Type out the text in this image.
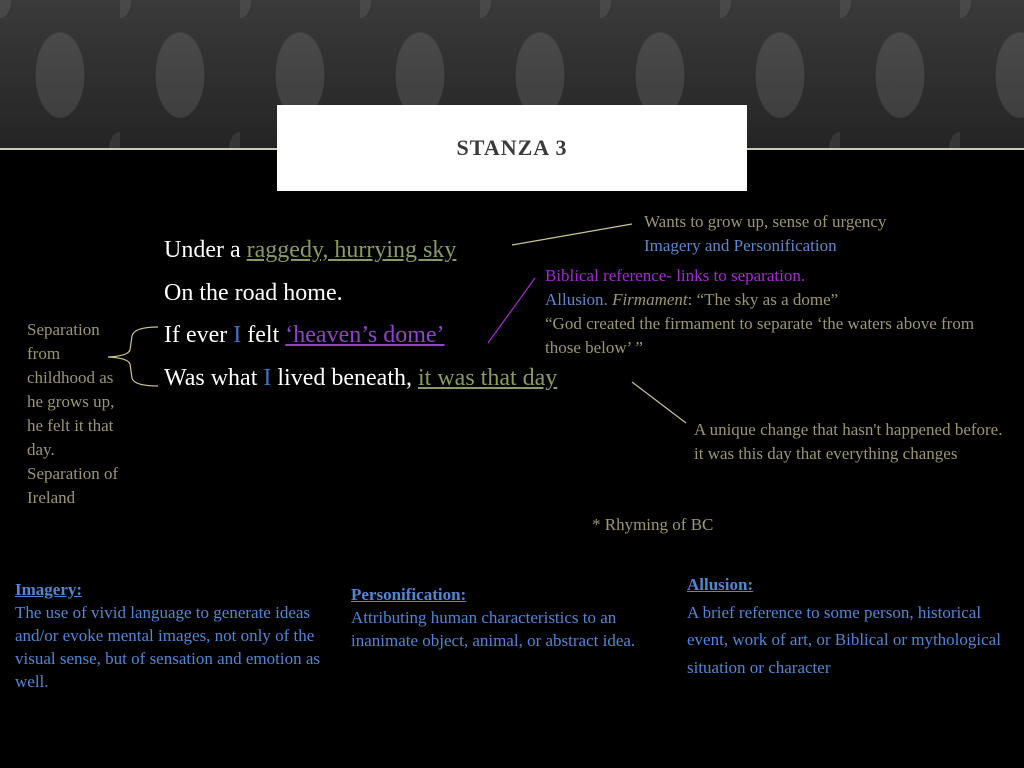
STANZA 3
Under a raggedy, hurrying sky
On the road home.
If ever I felt ‘heaven’s dome’
Was what I lived beneath, it was that day
Wants to grow up, sense of urgency
Imagery and Personification
Biblical reference- links to separation.
Allusion. Firmament: “The sky as a dome”
“God created the firmament to separate ‘the waters above from those below’ ”
A unique change that hasn't happened before. it was this day that everything changes
Separation from childhood as he grows up, he felt it that day. Separation of Ireland
* Rhyming of BC
Imagery:
The use of vivid language to generate ideas and/or evoke mental images, not only of the visual sense, but of sensation and emotion as well.
Personification:
Attributing human characteristics to an inanimate object, animal, or abstract idea.
Allusion:
A brief reference to some person, historical event, work of art, or Biblical or mythological situation or character
